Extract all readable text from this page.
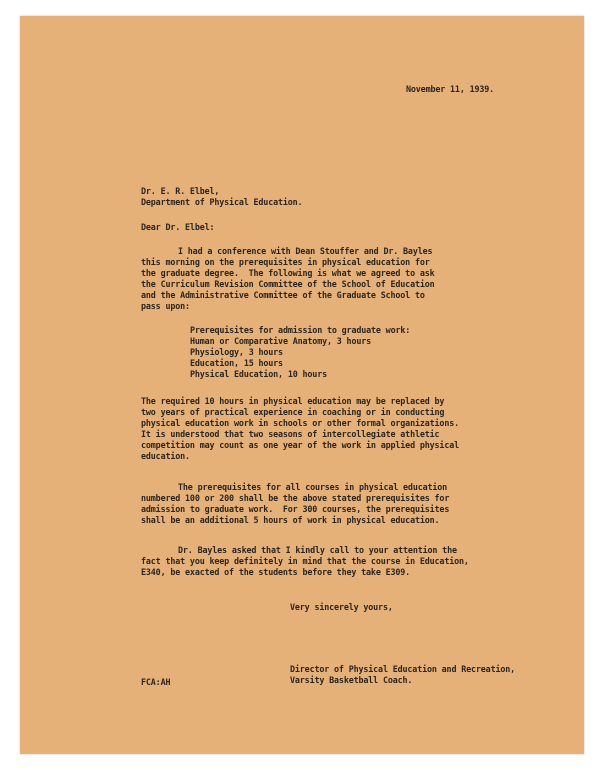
November 11, 1939.

Dr. E. R. Elbel,

Department of Physical Education.

Dear Dr. Elbel:

I had a conference with Dean Stouffer and Dr. Bayles

this morning on the prerequisites in physical education for

the graduate degree.  The following is what we agreed to ask

the Curriculum Revision Committee of the School of Education

and the Administrative Committee of the Graduate School to

pass upon:

Prerequisites for admission to graduate work:

Human or Comparative Anatomy, 3 hours

Physiology, 3 hours

Education, 15 hours

Physical Education, 10 hours

The required 10 hours in physical education may be replaced by

two years of practical experience in coaching or in conducting

physical education work in schools or other formal organizations.

It is understood that two seasons of intercollegiate athletic

competition may count as one year of the work in applied physical

education.

The prerequisites for all courses in physical education

numbered 100 or 200 shall be the above stated prerequisites for

admission to graduate work.  For 300 courses, the prerequisites

shall be an additional 5 hours of work in physical education.

Dr. Bayles asked that I kindly call to your attention the

fact that you keep definitely in mind that the course in Education,

E340, be exacted of the students before they take E309.

Very sincerely yours,

Director of Physical Education and Recreation,

Varsity Basketball Coach.

FCA:AH
